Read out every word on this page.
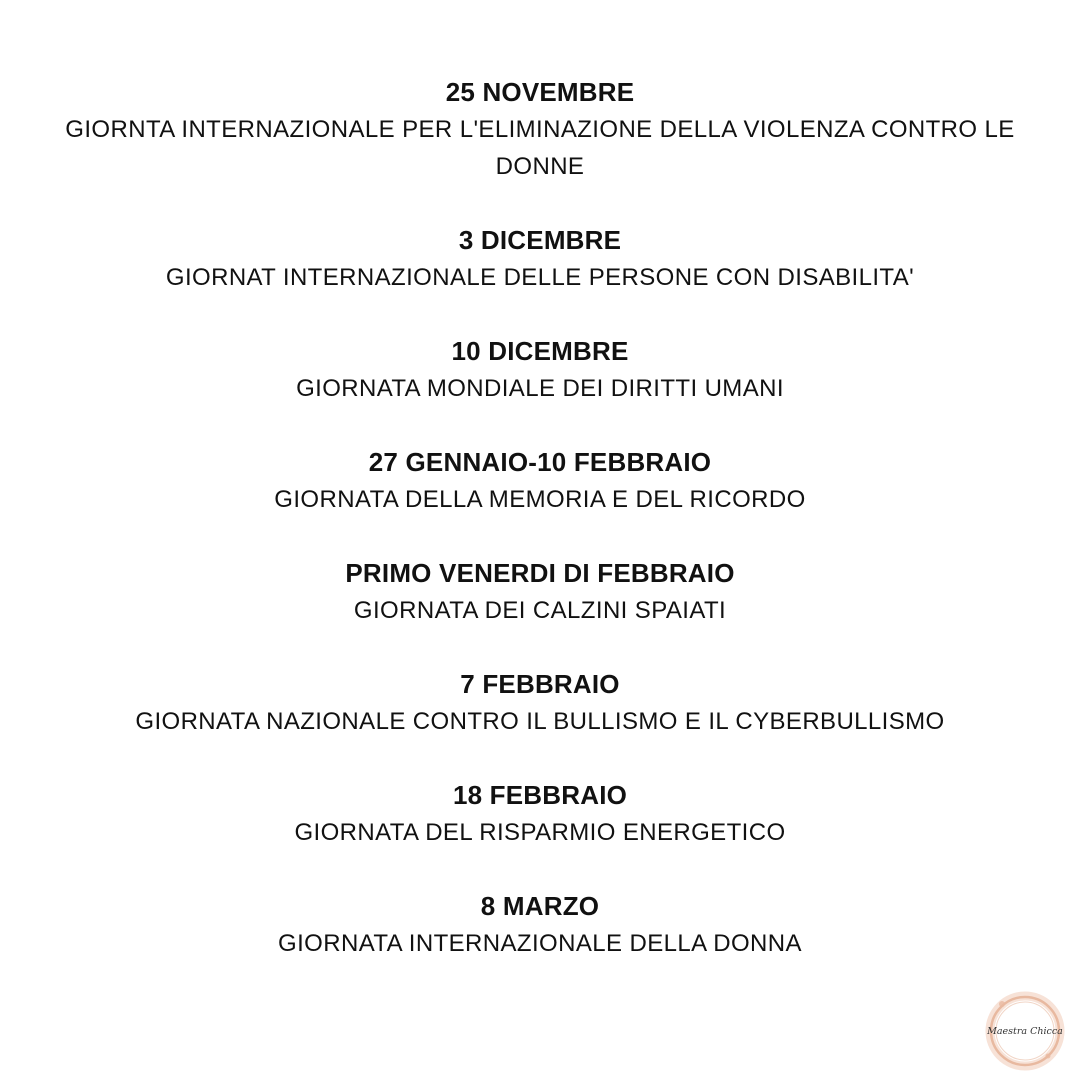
25 NOVEMBRE
GIORNTA INTERNAZIONALE PER L'ELIMINAZIONE DELLA VIOLENZA CONTRO LE DONNE
3 DICEMBRE
GIORNAT INTERNAZIONALE DELLE PERSONE CON DISABILITA'
10 DICEMBRE
GIORNATA MONDIALE DEI DIRITTI UMANI
27 GENNAIO-10 FEBBRAIO
GIORNATA DELLA MEMORIA E DEL RICORDO
PRIMO VENERDI DI FEBBRAIO
GIORNATA DEI CALZINI SPAIATI
7 FEBBRAIO
GIORNATA NAZIONALE CONTRO IL BULLISMO E IL CYBERBULLISMO
18 FEBBRAIO
GIORNATA DEL RISPARMIO ENERGETICO
8 MARZO
GIORNATA INTERNAZIONALE DELLA DONNA
Maestra Chicca
